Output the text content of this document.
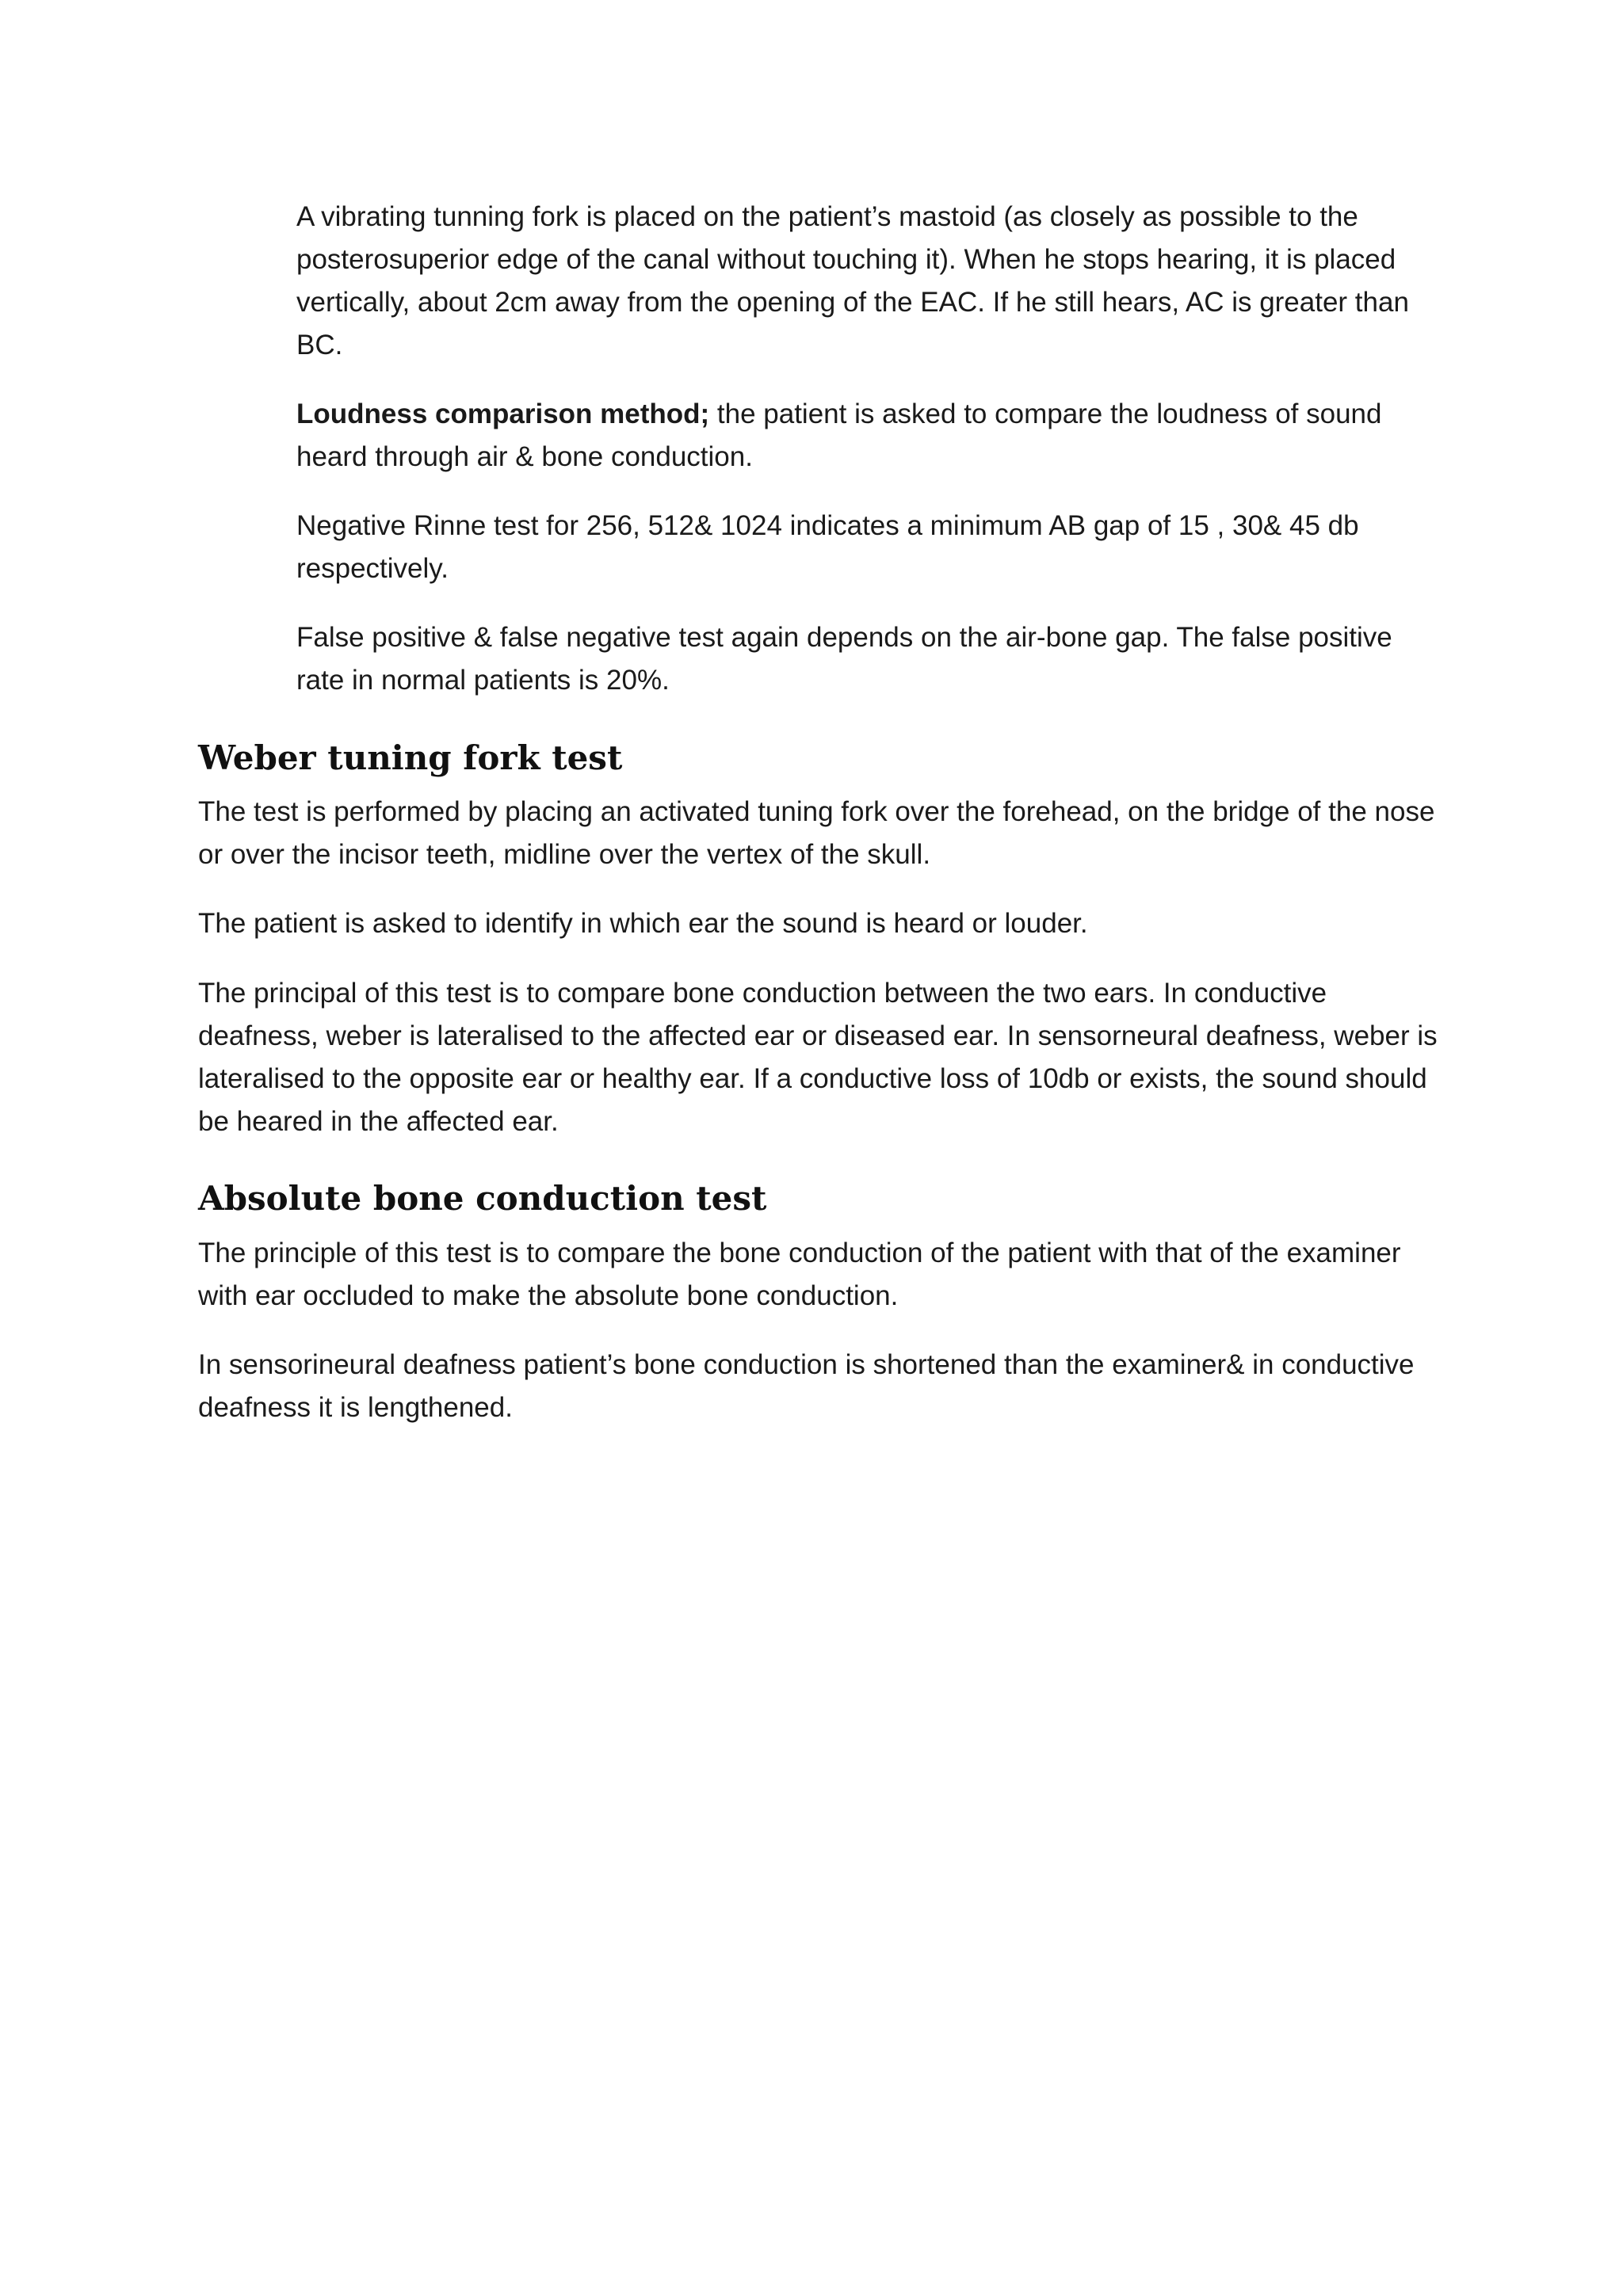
A vibrating tunning fork is placed on the patient’s mastoid (as closely as possible to the posterosuperior edge of the canal without touching it). When he stops hearing, it is placed vertically, about 2cm away from the opening of the EAC. If he still hears, AC is greater than BC.

Loudness comparison method; the patient is asked to compare the loudness of sound heard through air & bone conduction.

Negative Rinne test for 256, 512& 1024 indicates a minimum AB gap of 15 , 30& 45 db respectively.

False positive & false negative test again depends on the air-bone gap. The false positive rate in normal patients is 20%.

Weber tuning fork test

The test is performed by placing an activated tuning fork over the forehead, on the bridge of the nose or over the incisor teeth, midline over the vertex of the skull.

The patient is asked to identify in which ear the sound is heard or louder.

The principal of this test is to compare bone conduction between the two ears. In conductive deafness, weber is lateralised to the affected ear or diseased ear. In sensorneural deafness, weber is lateralised to the opposite ear or healthy ear. If a conductive loss of 10db or exists, the sound should be heared in the affected ear.

Absolute bone conduction test

The principle of this test is to compare the bone conduction of the patient with that of the examiner with ear occluded to make the absolute bone conduction.

In sensorineural deafness patient’s bone conduction is shortened than the examiner& in conductive deafness it is lengthened.
